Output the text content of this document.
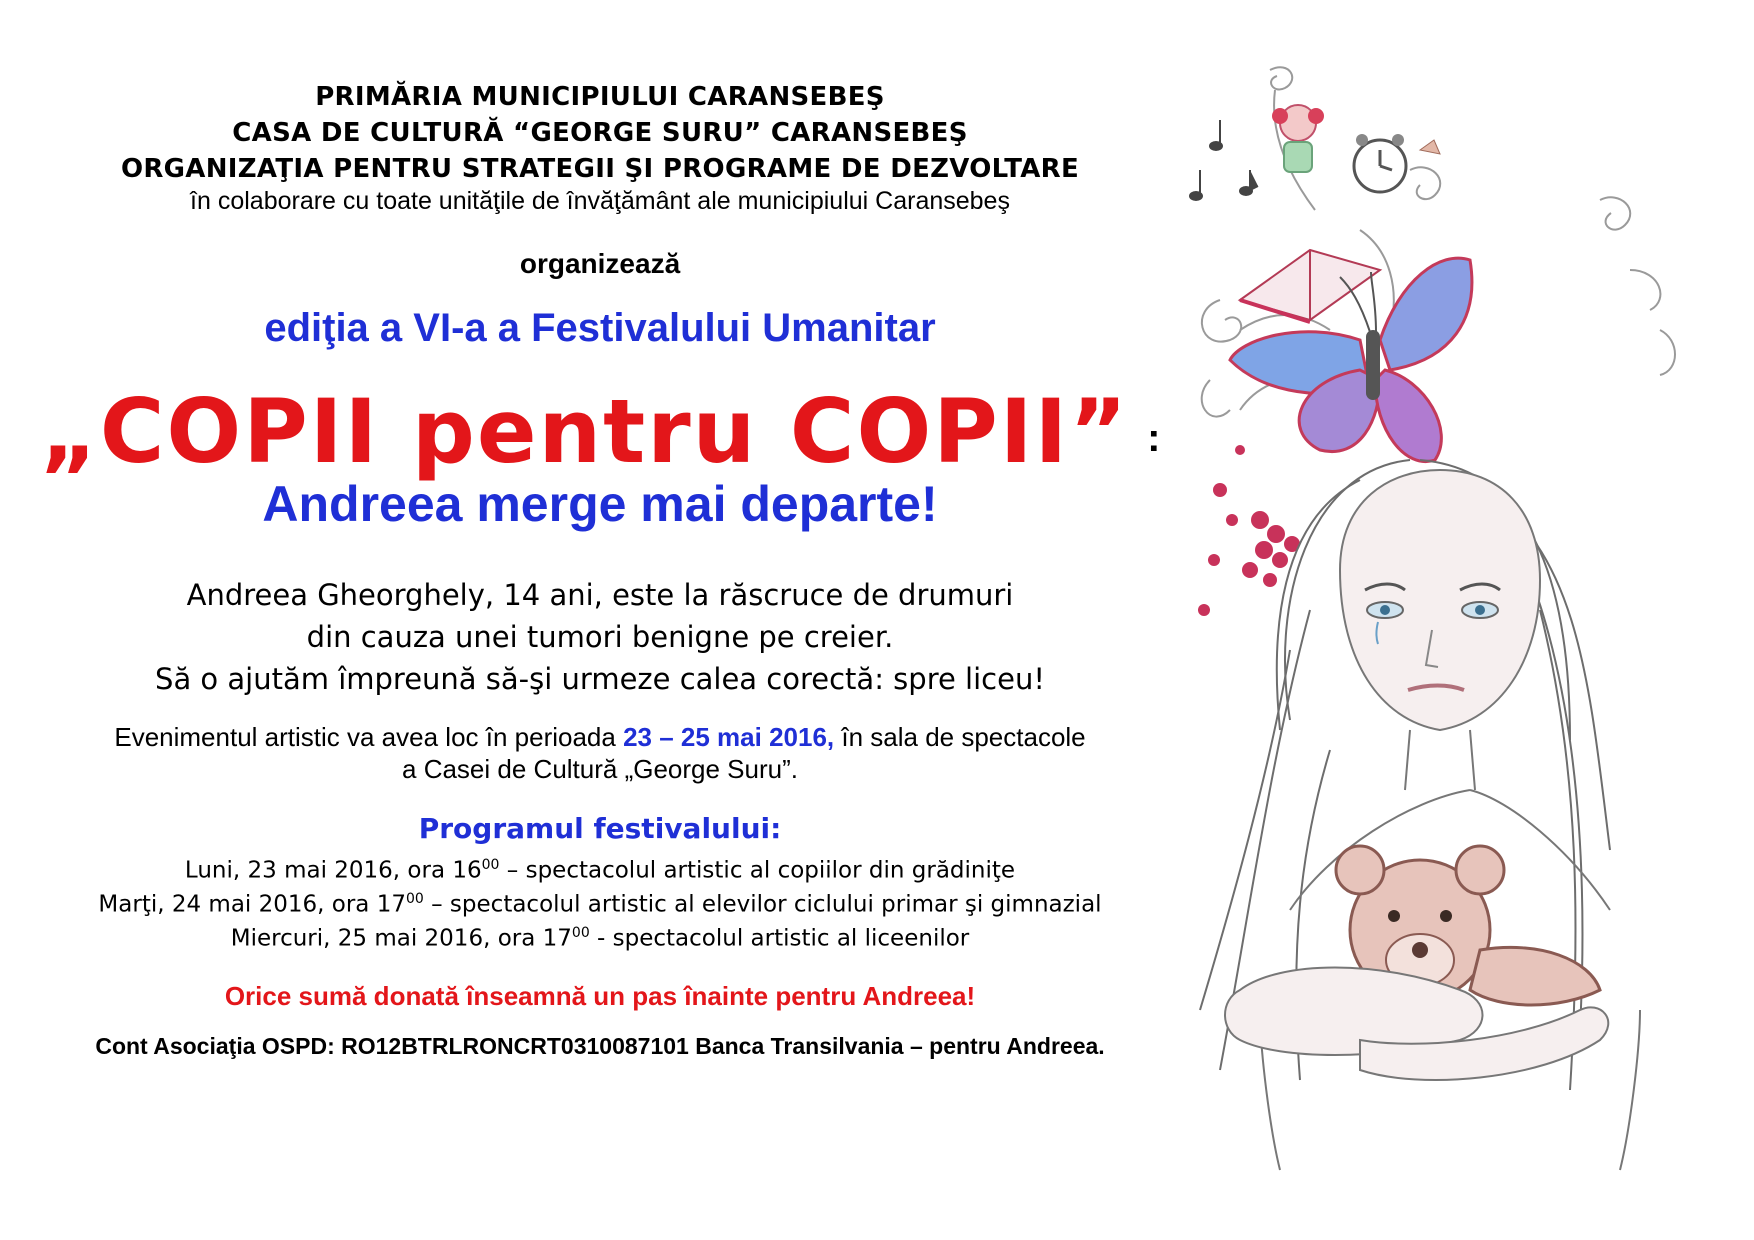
PRIMĂRIA MUNICIPIULUI CARANSEBEŞ
CASA DE CULTURĂ “GEORGE SURU” CARANSEBEŞ
ORGANIZAŢIA PENTRU STRATEGII ŞI PROGRAME DE DEZVOLTARE
în colaborare cu toate unităţile de învăţământ ale municipiului Caransebeş
organizează
ediţia a VI-a a Festivalului Umanitar
„COPII pentru COPII” :
Andreea merge mai departe!
Andreea Gheorghely, 14 ani, este la răscruce de drumuri
din cauza unei tumori benigne pe creier.
Să o ajutăm împreună să-şi urmeze calea corectă: spre liceu!
Evenimentul artistic va avea loc în perioada 23 – 25 mai 2016, în sala de spectacole
a Casei de Cultură „George Suru”.
Programul festivalului:
Luni, 23 mai 2016, ora $16^{00}$ – spectacolul artistic al copiilor din grădiniţe
Marţi, 24 mai 2016, ora $17^{00}$ – spectacolul artistic al elevilor ciclului primar şi gimnazial
Miercuri, 25 mai 2016, ora $17^{00}$ - spectacolul artistic al liceenilor
Orice sumă donată înseamnă un pas înainte pentru Andreea!
Cont Asociaţia OSPD: RO12BTRLRONCRT0310087101 Banca Transilvania – pentru Andreea.
